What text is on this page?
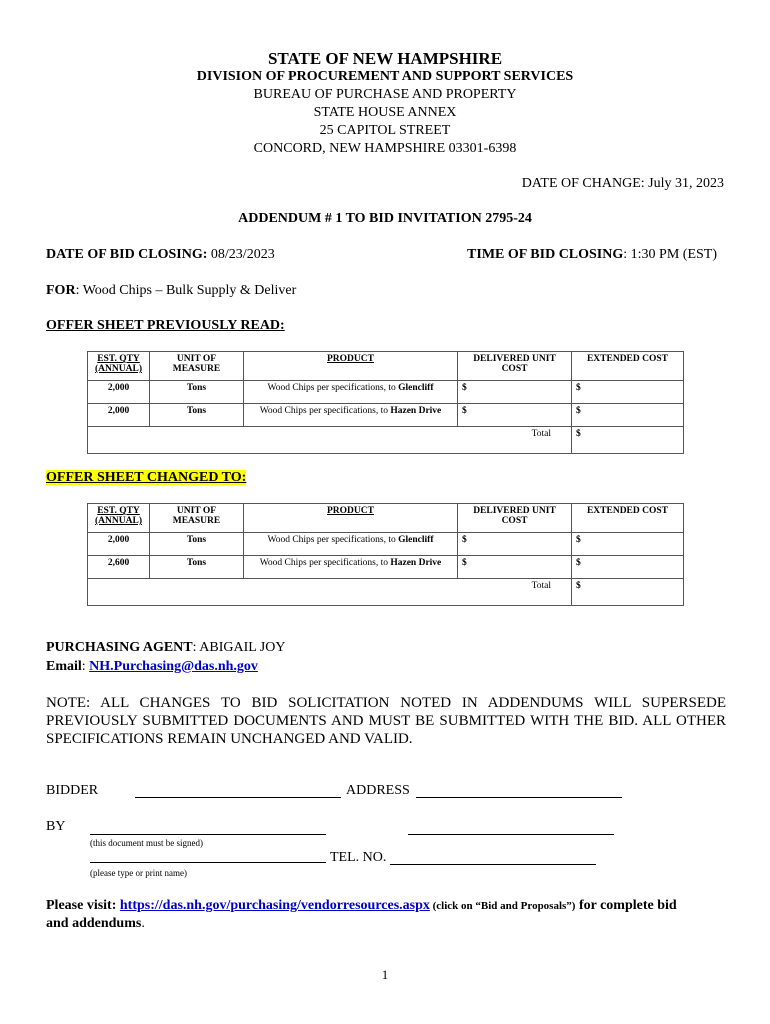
STATE OF NEW HAMPSHIRE
DIVISION OF PROCUREMENT AND SUPPORT SERVICES
BUREAU OF PURCHASE AND PROPERTY
STATE HOUSE ANNEX
25 CAPITOL STREET
CONCORD, NEW HAMPSHIRE 03301-6398
DATE OF CHANGE: July 31, 2023
ADDENDUM # 1 TO BID INVITATION 2795-24
DATE OF BID CLOSING: 08/23/2023	TIME OF BID CLOSING: 1:30 PM (EST)
FOR: Wood Chips – Bulk Supply & Deliver
OFFER SHEET PREVIOUSLY READ:
EST. QTY (ANNUAL)	UNIT OF MEASURE	PRODUCT	DELIVERED UNIT COST	EXTENDED COST
2,000	Tons	Wood Chips per specifications, to Glencliff	$	$
2,000	Tons	Wood Chips per specifications, to Hazen Drive	$	$
Total				$
OFFER SHEET CHANGED TO:
EST. QTY (ANNUAL)	UNIT OF MEASURE	PRODUCT	DELIVERED UNIT COST	EXTENDED COST
2,000	Tons	Wood Chips per specifications, to Glencliff	$	$
2,600	Tons	Wood Chips per specifications, to Hazen Drive	$	$
Total				$
PURCHASING AGENT: ABIGAIL JOY
Email: NH.Purchasing@das.nh.gov
NOTE: ALL CHANGES TO BID SOLICITATION NOTED IN ADDENDUMS WILL SUPERSEDE
PREVIOUSLY SUBMITTED DOCUMENTS AND MUST BE SUBMITTED WITH THE BID. ALL OTHER
SPECIFICATIONS REMAIN UNCHANGED AND VALID.
BIDDER	ADDRESS
BY
(this document must be signed)
TEL. NO.
(please type or print name)
Please visit: https://das.nh.gov/purchasing/vendorresources.aspx (click on “Bid and Proposals”) for complete bid
and addendums.
1
